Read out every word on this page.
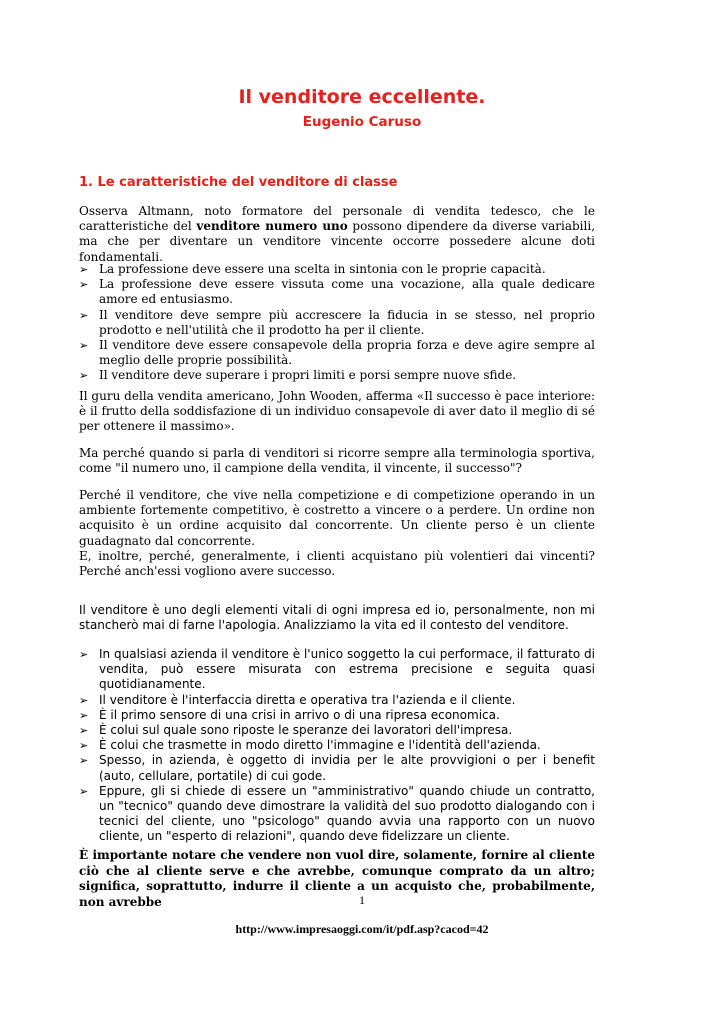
Il venditore eccellente.
Eugenio Caruso
1. Le caratteristiche del venditore di classe

Osserva Altmann, noto formatore del personale di vendita tedesco, che le caratteristiche del venditore numero uno possono dipendere da diverse variabili, ma che per diventare un venditore vincente occorre possedere alcune doti fondamentali.

➢ La professione deve essere una scelta in sintonia con le proprie capacità.
➢ La professione deve essere vissuta come una vocazione, alla quale dedicare amore ed entusiasmo.
➢ Il venditore deve sempre più accrescere la fiducia in se stesso, nel proprio prodotto e nell'utilità che il prodotto ha per il cliente.
➢ Il venditore deve essere consapevole della propria forza e deve agire sempre al meglio delle proprie possibilità.
➢ Il venditore deve superare i propri limiti e porsi sempre nuove sfide.

Il guru della vendita americano, John Wooden, afferma «Il successo è pace interiore: è il frutto della soddisfazione di un individuo consapevole di aver dato il meglio di sé per ottenere il massimo».

Ma perché quando si parla di venditori si ricorre sempre alla terminologia sportiva, come "il numero uno, il campione della vendita, il vincente, il successo"?

Perché il venditore, che vive nella competizione e di competizione operando in un ambiente fortemente competitivo, è costretto a vincere o a perdere. Un ordine non acquisito è un ordine acquisito dal concorrente. Un cliente perso è un cliente guadagnato dal concorrente.
E, inoltre, perché, generalmente, i clienti acquistano più volentieri dai vincenti? Perché anch'essi vogliono avere successo.

Il venditore è uno degli elementi vitali di ogni impresa ed io, personalmente, non mi stancherò mai di farne l'apologia. Analizziamo la vita ed il contesto del venditore.

➢ In qualsiasi azienda il venditore è l'unico soggetto la cui performace, il fatturato di vendita, può essere misurata con estrema precisione e seguita quasi quotidianamente.
➢ Il venditore è l'interfaccia diretta e operativa tra l'azienda e il cliente.
➢ È il primo sensore di una crisi in arrivo o di una ripresa economica.
➢ È colui sul quale sono riposte le speranze dei lavoratori dell'impresa.
➢ È colui che trasmette in modo diretto l'immagine e l'identità dell'azienda.
➢ Spesso, in azienda, è oggetto di invidia per le alte provvigioni o per i benefit (auto, cellulare, portatile) di cui gode.
➢ Eppure, gli si chiede di essere un "amministrativo" quando chiude un contratto, un "tecnico" quando deve dimostrare la validità del suo prodotto dialogando con i tecnici del cliente, uno "psicologo" quando avvia una rapporto con un nuovo cliente, un "esperto di relazioni", quando deve fidelizzare un cliente.

È importante notare che vendere non vuol dire, solamente, fornire al cliente ciò che al cliente serve e che avrebbe, comunque comprato da un altro; significa, soprattutto, indurre il cliente a un acquisto che, probabilmente, non avrebbe	1
http://www.impresaoggi.com/it/pdf.asp?cacod=42
